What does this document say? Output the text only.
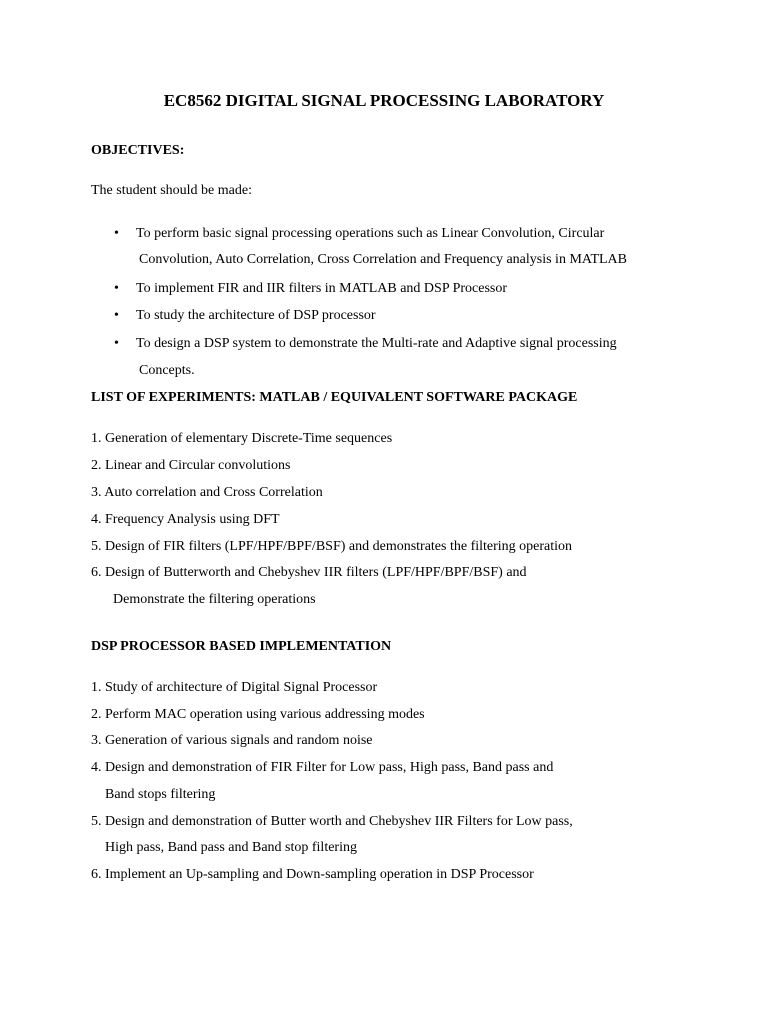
EC8562 DIGITAL SIGNAL PROCESSING LABORATORY
OBJECTIVES:
The student should be made:
• To perform basic signal processing operations such as Linear Convolution, Circular
Convolution, Auto Correlation, Cross Correlation and Frequency analysis in MATLAB
• To implement FIR and IIR filters in MATLAB and DSP Processor
• To study the architecture of DSP processor
• To design a DSP system to demonstrate the Multi-rate and Adaptive signal processing
Concepts.
LIST OF EXPERIMENTS: MATLAB / EQUIVALENT SOFTWARE PACKAGE
1. Generation of elementary Discrete-Time sequences
2. Linear and Circular convolutions
3. Auto correlation and Cross Correlation
4. Frequency Analysis using DFT
5. Design of FIR filters (LPF/HPF/BPF/BSF) and demonstrates the filtering operation
6. Design of Butterworth and Chebyshev IIR filters (LPF/HPF/BPF/BSF) and
Demonstrate the filtering operations
DSP PROCESSOR BASED IMPLEMENTATION
1. Study of architecture of Digital Signal Processor
2. Perform MAC operation using various addressing modes
3. Generation of various signals and random noise
4. Design and demonstration of FIR Filter for Low pass, High pass, Band pass and
Band stops filtering
5. Design and demonstration of Butter worth and Chebyshev IIR Filters for Low pass,
High pass, Band pass and Band stop filtering
6. Implement an Up-sampling and Down-sampling operation in DSP Processor
